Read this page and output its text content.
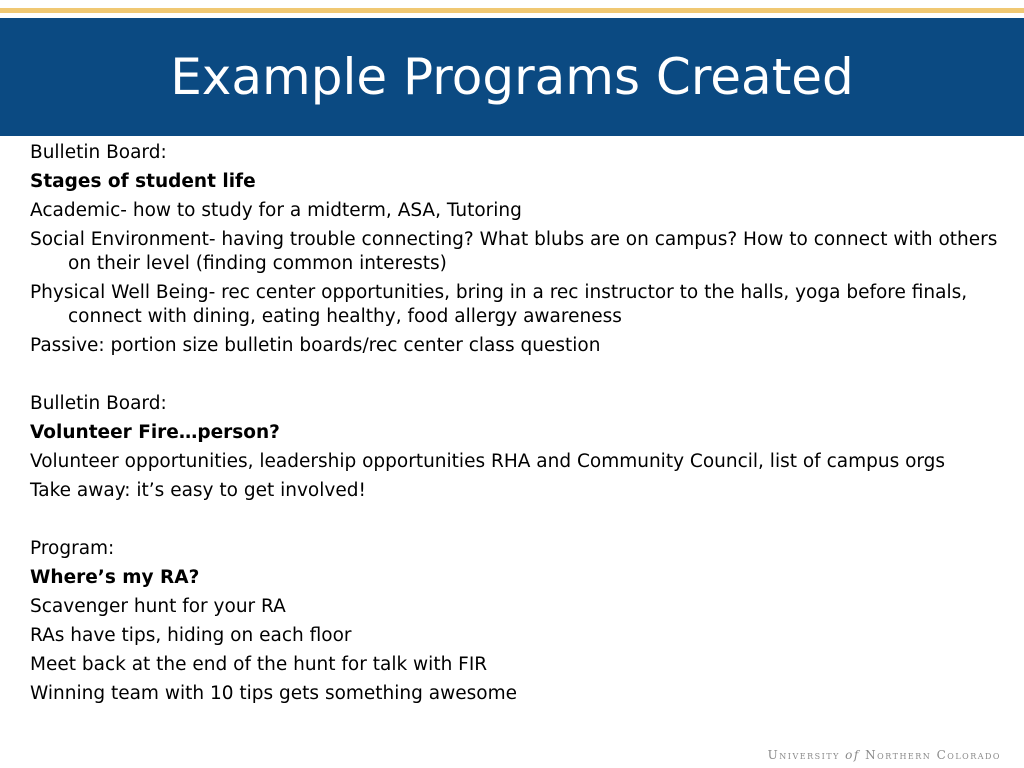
Example Programs Created
Bulletin Board:
Stages of student life
Academic- how to study for a midterm, ASA, Tutoring
Social Environment- having trouble connecting? What blubs are on campus? How to connect with others on their level (finding common interests)
Physical Well Being- rec center opportunities, bring in a rec instructor to the halls, yoga before finals, connect with dining, eating healthy, food allergy awareness
Passive: portion size bulletin boards/rec center class question
Bulletin Board:
Volunteer Fire…person?
Volunteer opportunities, leadership opportunities RHA and Community Council, list of campus orgs
Take away: it’s easy to get involved!
Program:
Where’s my RA?
Scavenger hunt for your RA
RAs have tips, hiding on each floor
Meet back at the end of the hunt for talk with FIR
Winning team with 10 tips gets something awesome
University of Northern Colorado
